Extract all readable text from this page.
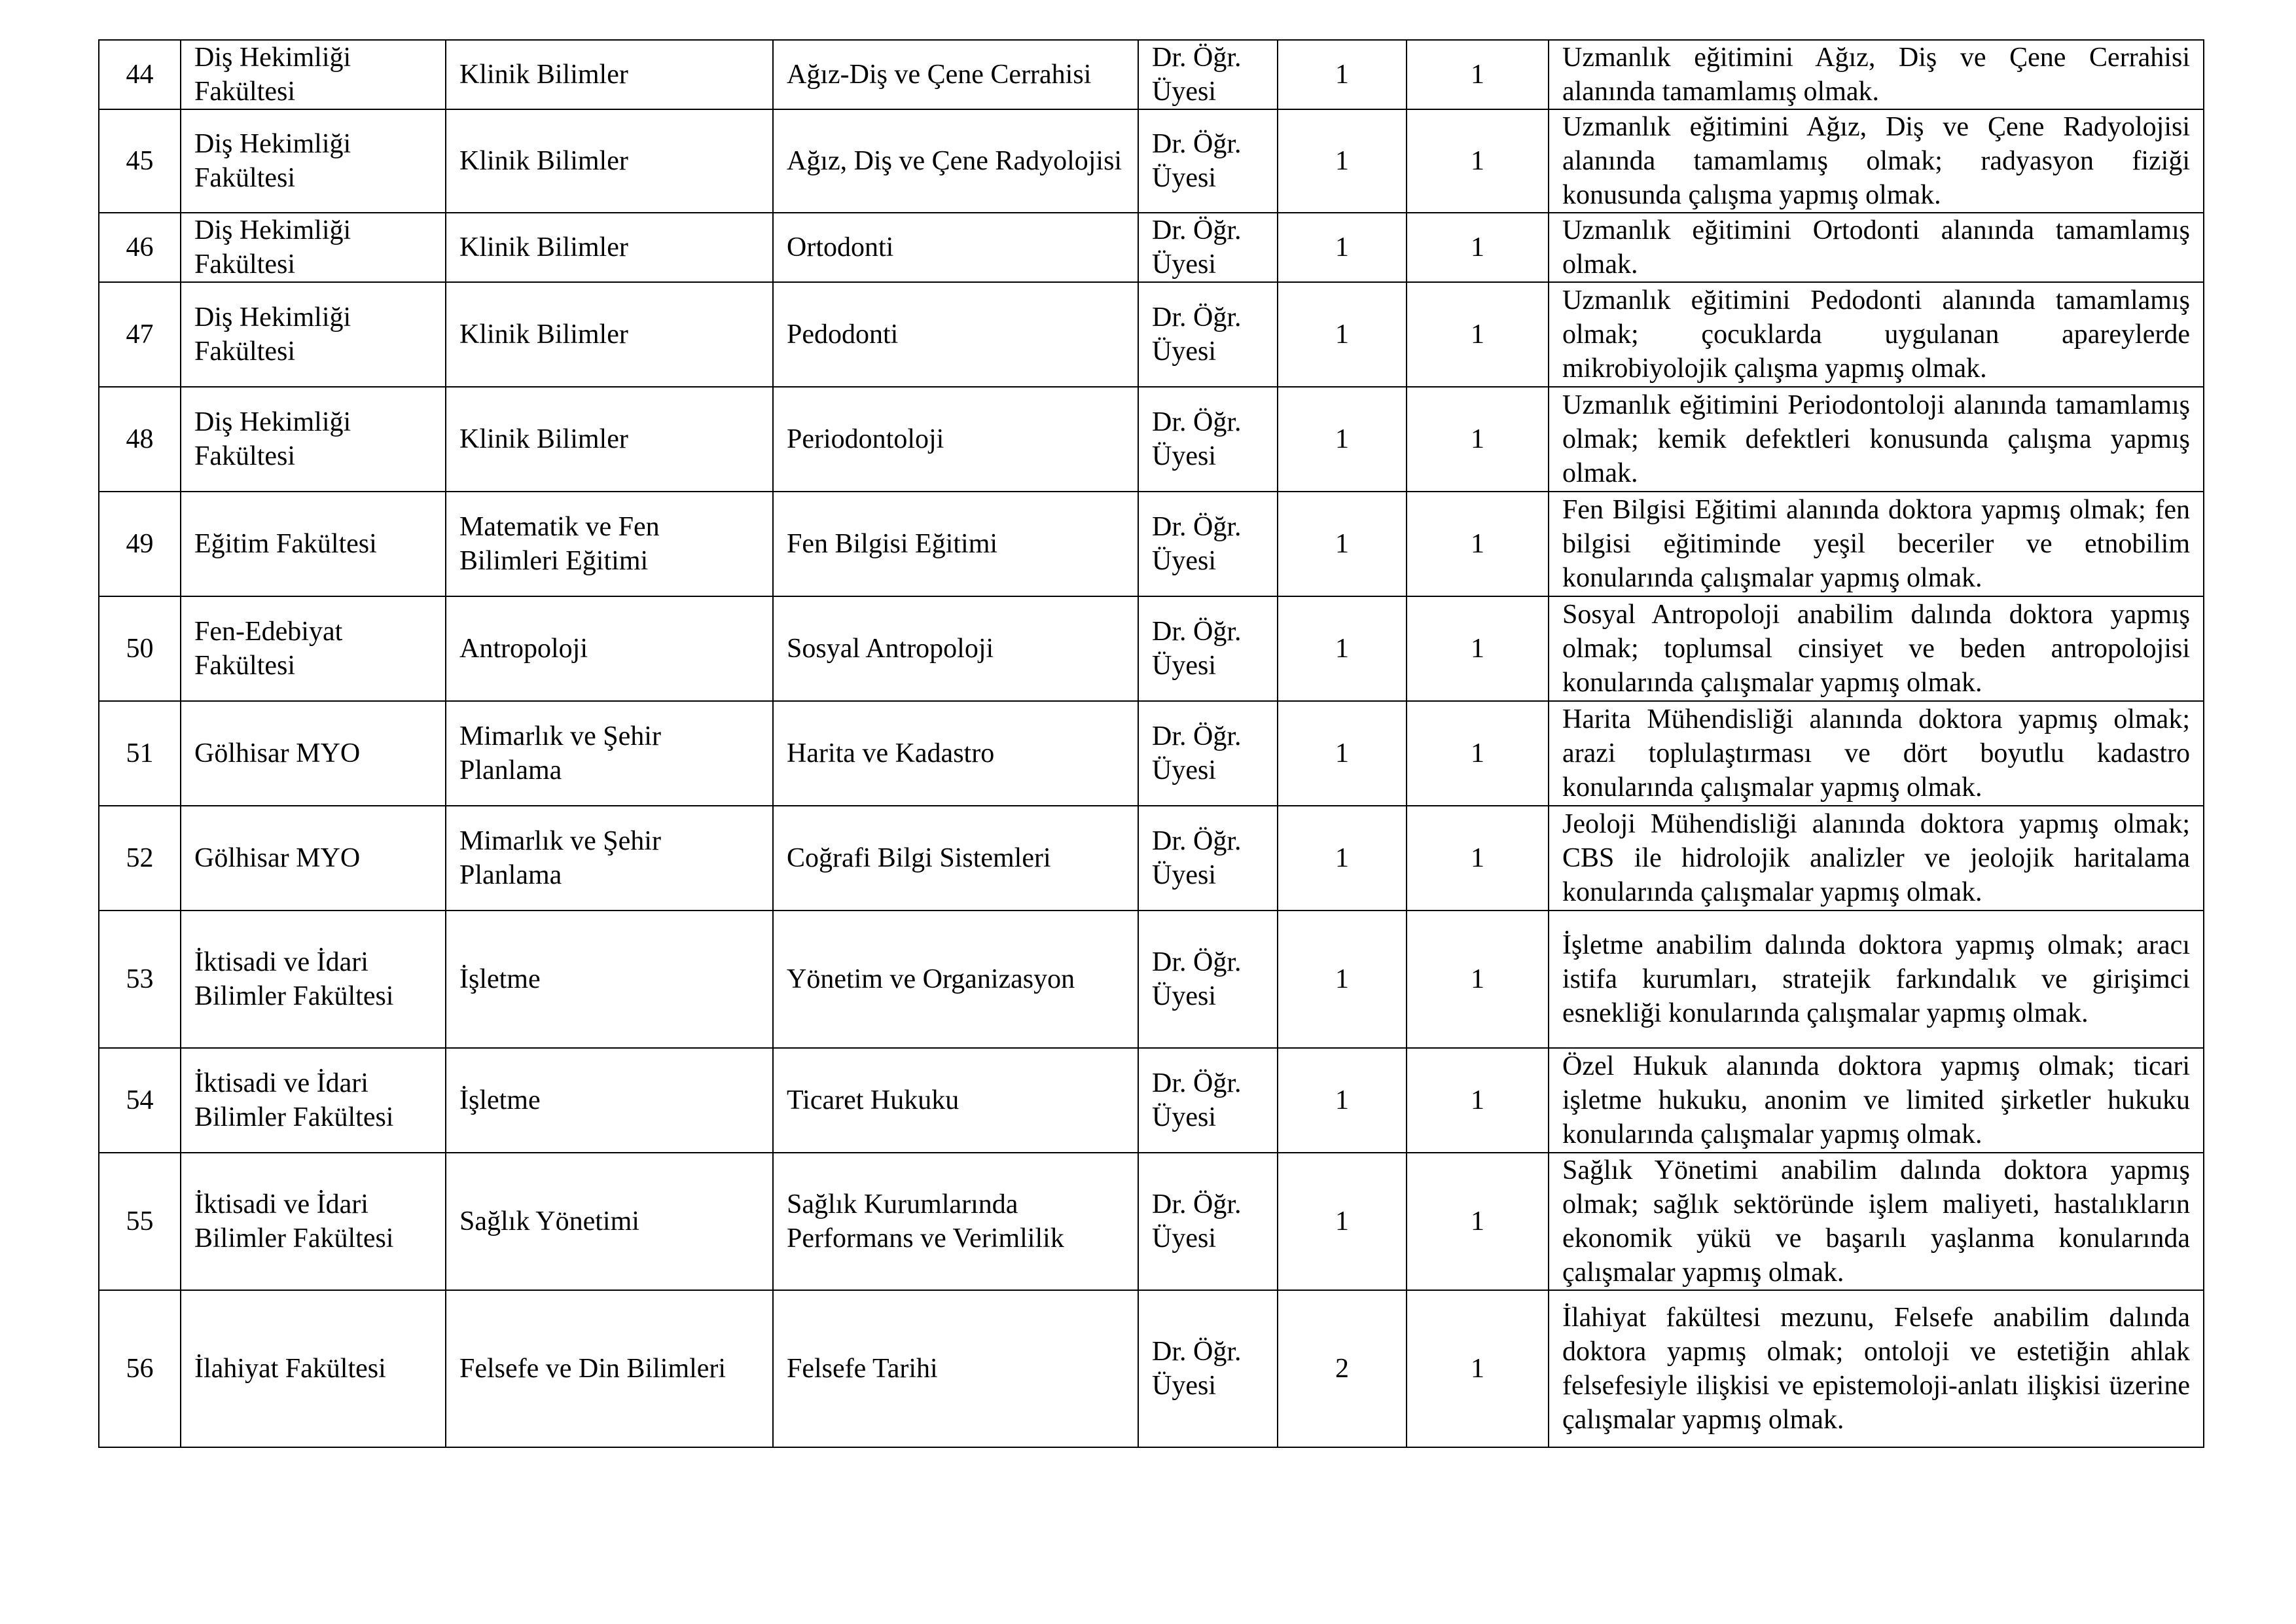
44	Diş Hekimliği Fakültesi	Klinik Bilimler	Ağız-Diş ve Çene Cerrahisi	Dr. Öğr. Üyesi	1	1	Uzmanlık eğitimini Ağız, Diş ve Çene Cerrahisi alanında tamamlamış olmak.
45	Diş Hekimliği Fakültesi	Klinik Bilimler	Ağız, Diş ve Çene Radyolojisi	Dr. Öğr. Üyesi	1	1	Uzmanlık eğitimini Ağız, Diş ve Çene Radyolojisi alanında tamamlamış olmak; radyasyon fiziği konusunda çalışma yapmış olmak.
46	Diş Hekimliği Fakültesi	Klinik Bilimler	Ortodonti	Dr. Öğr. Üyesi	1	1	Uzmanlık eğitimini Ortodonti alanında tamamlamış olmak.
47	Diş Hekimliği Fakültesi	Klinik Bilimler	Pedodonti	Dr. Öğr. Üyesi	1	1	Uzmanlık eğitimini Pedodonti alanında tamamlamış olmak; çocuklarda uygulanan apareylerde mikrobiyolojik çalışma yapmış olmak.
48	Diş Hekimliği Fakültesi	Klinik Bilimler	Periodontoloji	Dr. Öğr. Üyesi	1	1	Uzmanlık eğitimini Periodontoloji alanında tamamlamış olmak; kemik defektleri konusunda çalışma yapmış olmak.
49	Eğitim Fakültesi	Matematik ve Fen Bilimleri Eğitimi	Fen Bilgisi Eğitimi	Dr. Öğr. Üyesi	1	1	Fen Bilgisi Eğitimi alanında doktora yapmış olmak; fen bilgisi eğitiminde yeşil beceriler ve etnobilim konularında çalışmalar yapmış olmak.
50	Fen-Edebiyat Fakültesi	Antropoloji	Sosyal Antropoloji	Dr. Öğr. Üyesi	1	1	Sosyal Antropoloji anabilim dalında doktora yapmış olmak; toplumsal cinsiyet ve beden antropolojisi konularında çalışmalar yapmış olmak.
51	Gölhisar MYO	Mimarlık ve Şehir Planlama	Harita ve Kadastro	Dr. Öğr. Üyesi	1	1	Harita Mühendisliği alanında doktora yapmış olmak; arazi toplulaştırması ve dört boyutlu kadastro konularında çalışmalar yapmış olmak.
52	Gölhisar MYO	Mimarlık ve Şehir Planlama	Coğrafi Bilgi Sistemleri	Dr. Öğr. Üyesi	1	1	Jeoloji Mühendisliği alanında doktora yapmış olmak; CBS ile hidrolojik analizler ve jeolojik haritalama konularında çalışmalar yapmış olmak.
53	İktisadi ve İdari Bilimler Fakültesi	İşletme	Yönetim ve Organizasyon	Dr. Öğr. Üyesi	1	1	İşletme anabilim dalında doktora yapmış olmak; aracı istifa kurumları, stratejik farkındalık ve girişimci esnekliği konularında çalışmalar yapmış olmak.
54	İktisadi ve İdari Bilimler Fakültesi	İşletme	Ticaret Hukuku	Dr. Öğr. Üyesi	1	1	Özel Hukuk alanında doktora yapmış olmak; ticari işletme hukuku, anonim ve limited şirketler hukuku konularında çalışmalar yapmış olmak.
55	İktisadi ve İdari Bilimler Fakültesi	Sağlık Yönetimi	Sağlık Kurumlarında Performans ve Verimlilik	Dr. Öğr. Üyesi	1	1	Sağlık Yönetimi anabilim dalında doktora yapmış olmak; sağlık sektöründe işlem maliyeti, hastalıkların ekonomik yükü ve başarılı yaşlanma konularında çalışmalar yapmış olmak.
56	İlahiyat Fakültesi	Felsefe ve Din Bilimleri	Felsefe Tarihi	Dr. Öğr. Üyesi	2	1	İlahiyat fakültesi mezunu, Felsefe anabilim dalında doktora yapmış olmak; ontoloji ve estetiğin ahlak felsefesiyle ilişkisi ve epistemoloji-anlatı ilişkisi üzerine çalışmalar yapmış olmak.
